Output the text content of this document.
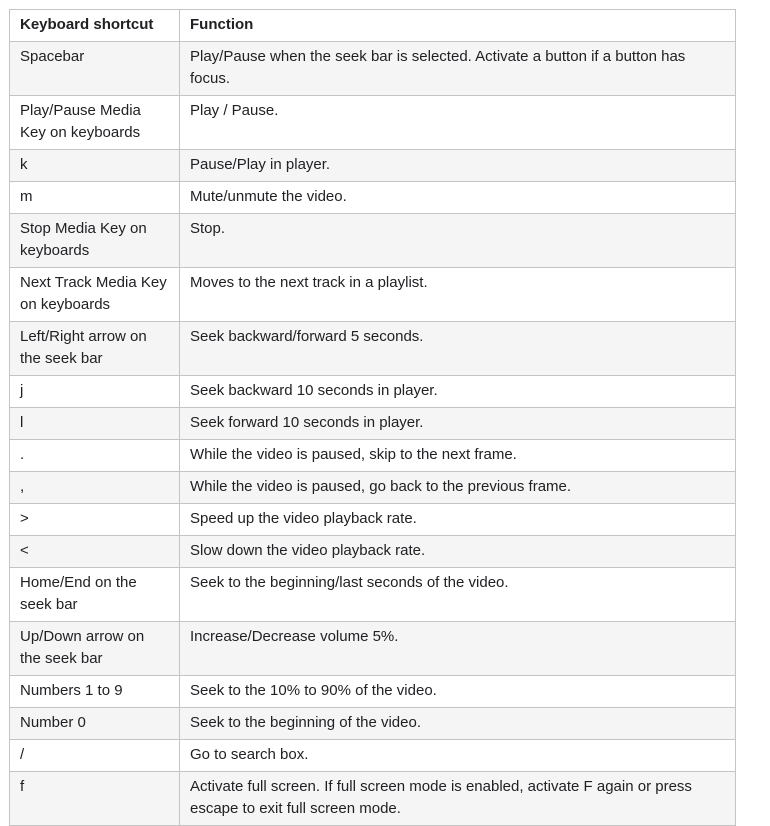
Keyboard shortcut	Function
Spacebar	Play/Pause when the seek bar is selected. Activate a button if a button has focus.
Play/Pause Media Key on keyboards	Play / Pause.
k	Pause/Play in player.
m	Mute/unmute the video.
Stop Media Key on keyboards	Stop.
Next Track Media Key on keyboards	Moves to the next track in a playlist.
Left/Right arrow on the seek bar	Seek backward/forward 5 seconds.
j	Seek backward 10 seconds in player.
l	Seek forward 10 seconds in player.
.	While the video is paused, skip to the next frame.
,	While the video is paused, go back to the previous frame.
>	Speed up the video playback rate.
<	Slow down the video playback rate.
Home/End on the seek bar	Seek to the beginning/last seconds of the video.
Up/Down arrow on the seek bar	Increase/Decrease volume 5%.
Numbers 1 to 9	Seek to the 10% to 90% of the video.
Number 0	Seek to the beginning of the video.
/	Go to search box.
f	Activate full screen. If full screen mode is enabled, activate F again or press escape to exit full screen mode.
